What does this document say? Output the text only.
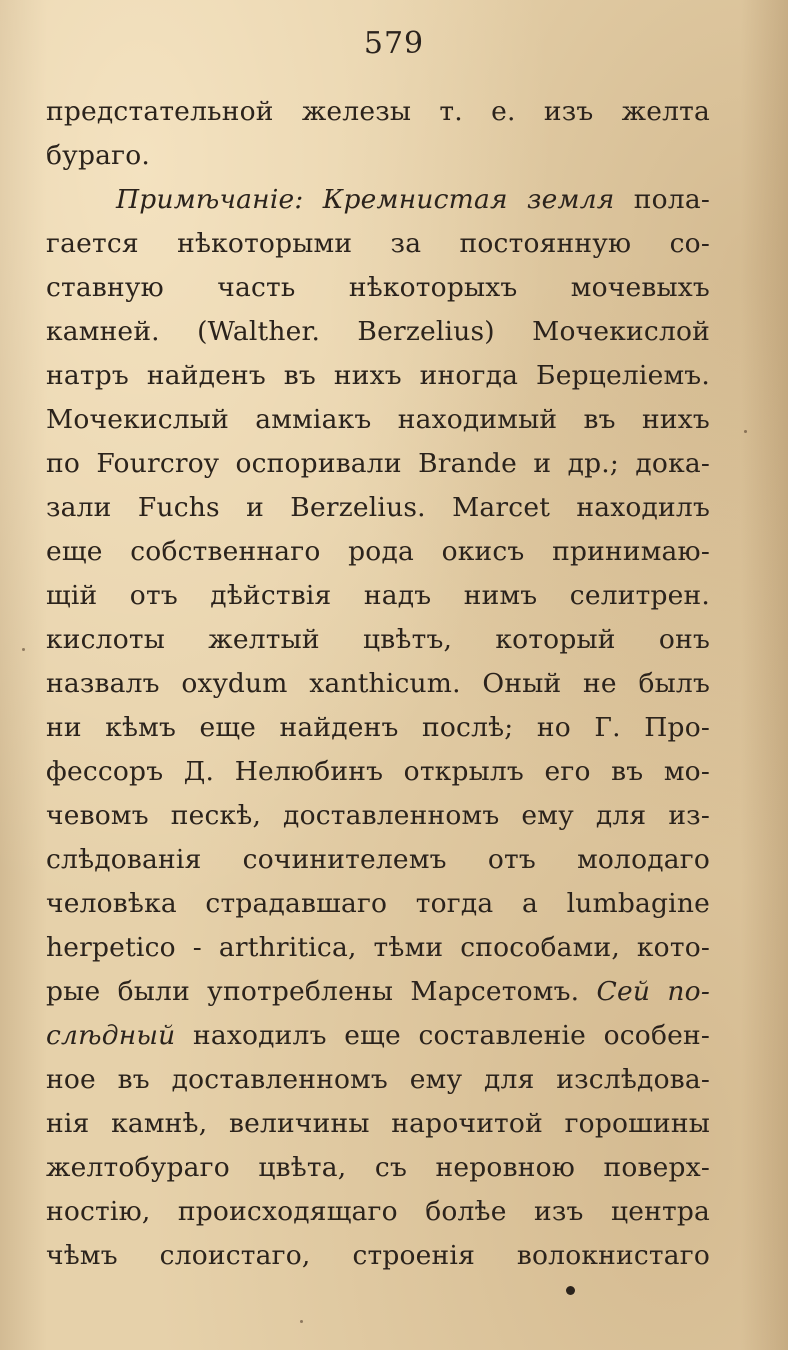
579
предстательной железы т. е. изъ желта
бураго.
Примѣчаніе: Кремнистая земля пола-
гается нѣкоторыми за постоянную со-
ставную часть нѣкоторыхъ мочевыхъ
камней. (Walther. Berzelius) Мочекислой
натръ найденъ въ нихъ иногда Берцеліемъ.
Мочекислый амміакъ находимый въ нихъ
по Fourcroy оспоривали Brande и др.; дока-
зали Fuchs и Berzelius. Marcet находилъ
еще собственнаго рода окисъ принимаю-
щій отъ дѣйствія надъ нимъ селитрен.
кислоты желтый цвѣтъ, который онъ
назвалъ oxydum xanthicum. Оный не былъ
ни кѣмъ еще найденъ послѣ; но Г. Про-
фессоръ Д. Нелюбинъ открылъ его въ мо-
чевомъ пескѣ, доставленномъ ему для из-
слѣдованія сочинителемъ отъ молодаго
человѣка страдавшаго тогда a lumbagine
herpetico - arthritica, тѣми способами, кото-
рые были употреблены Марсетомъ. Сей по-
слѣдный находилъ еще составленіе особен-
ное въ доставленномъ ему для изслѣдова-
нія камнѣ, величины нарочитой горошины
желтобураго цвѣта, съ неровною поверх-
ностію, происходящаго болѣе изъ центра
чѣмъ слоистаго, строенія волокнистаго
